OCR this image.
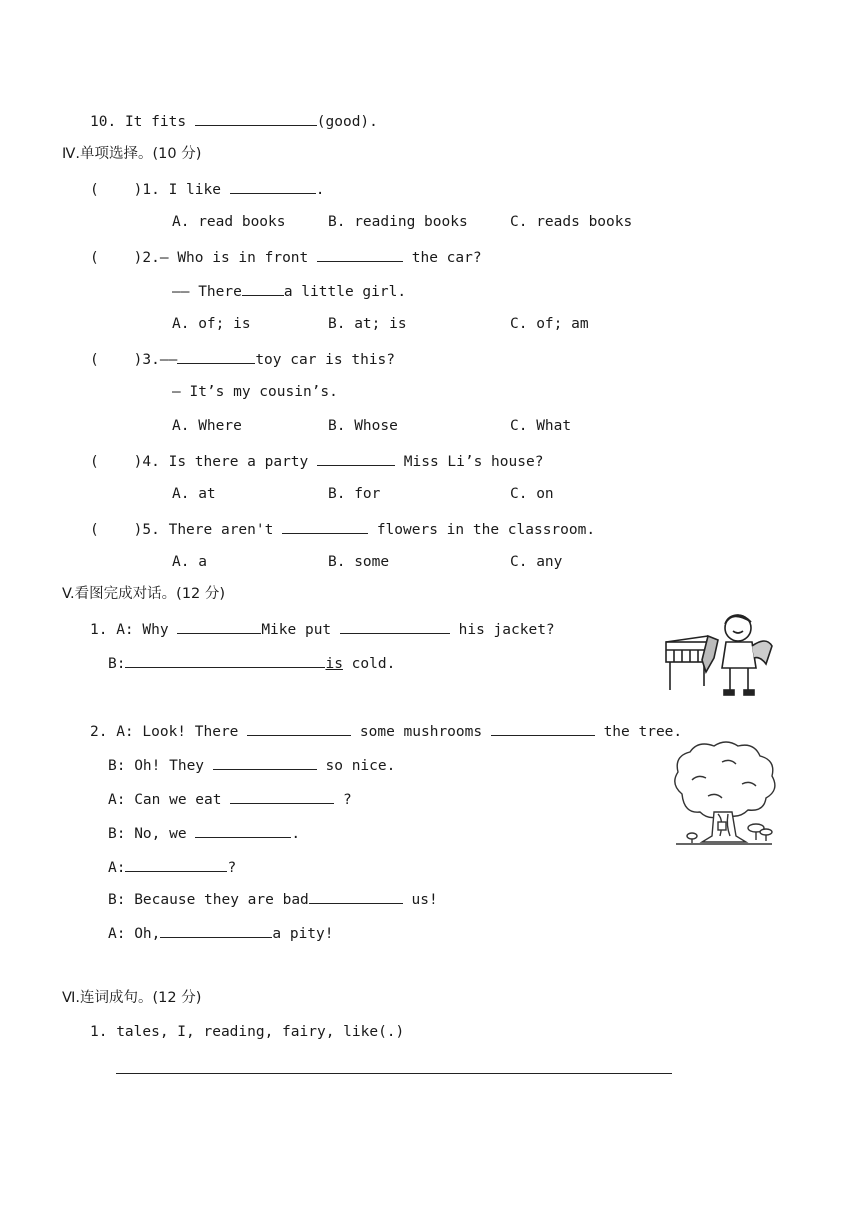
10. It fits	(good).
Ⅳ.单项选择。(10 分)
( )1. I like	.
A. read books	B. reading books	C. reads books
( )2.— Who is in front	the car?
—— There	a little girl.
A. of; is	B. at; is	C. of; am
( )3.——	toy car is this?
— It’s my cousin’s.
A. Where	B. Whose	C. What
( )4. Is there a party	Miss Li’s house?
A. at	B. for	C. on
( )5. There aren't	flowers in the classroom.
A. a	B. some	C. any
V.看图完成对话。(12 分)
1. A: Why	Mike put	his jacket?
B:	is cold.
2. A: Look! There	some mushrooms	the tree.
B: Oh! They	so nice.
A: Can we eat	?
B: No, we	.
A:	?
B: Because they are bad	us!
A: Oh,	a pity!
Ⅵ.连词成句。(12 分)
1. tales, I, reading, fairy, like(.)
